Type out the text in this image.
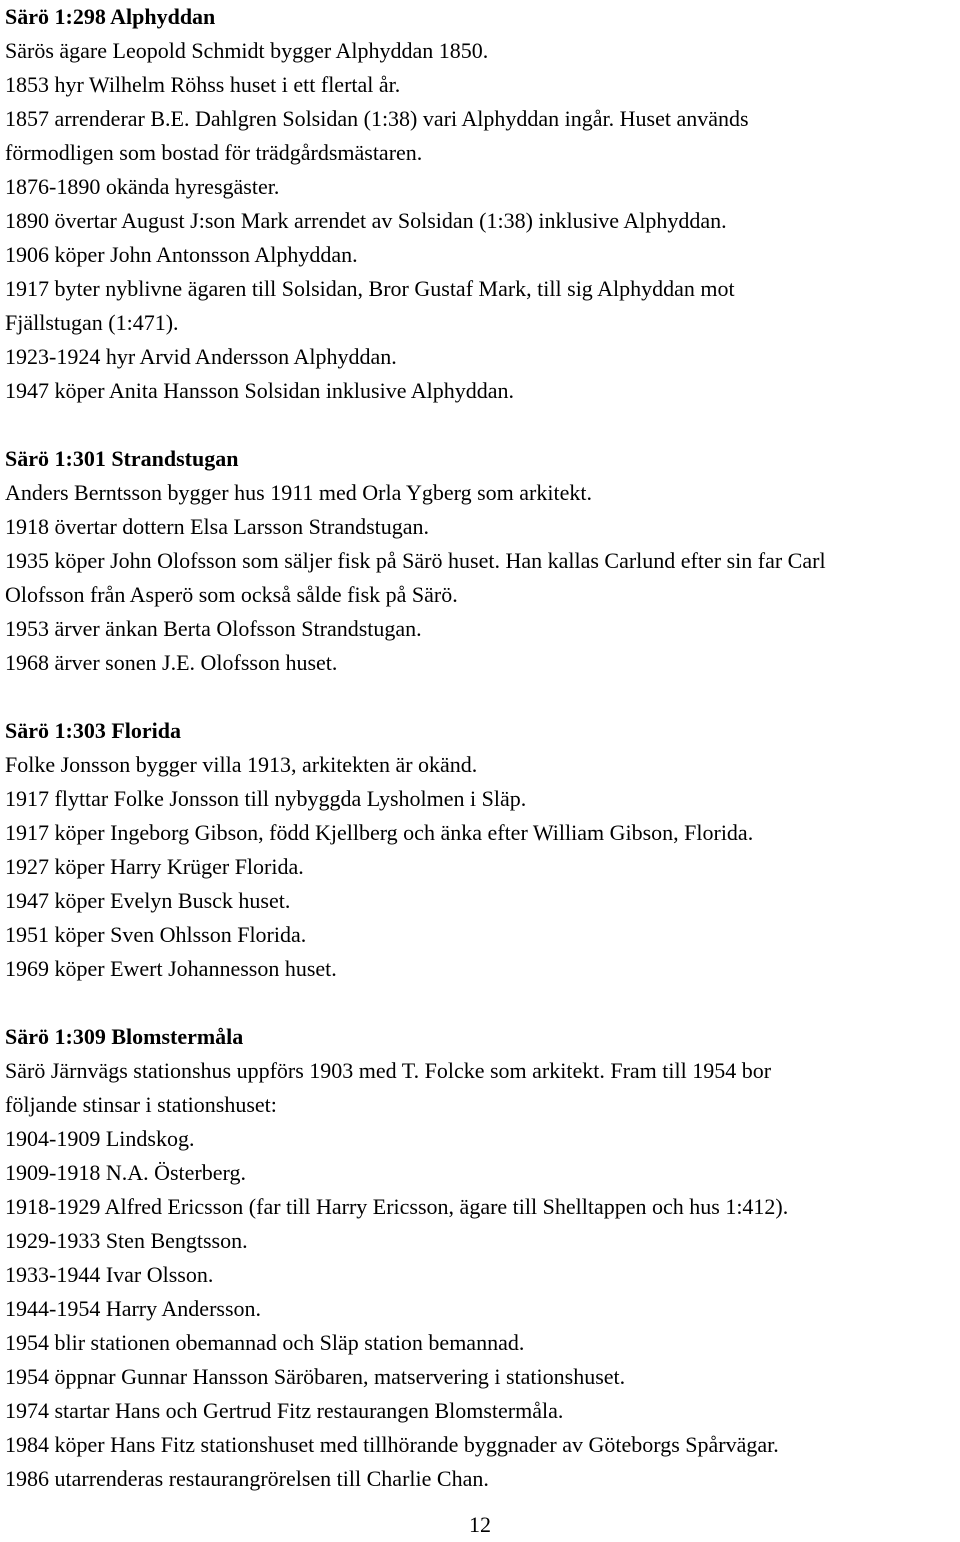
Särö 1:298 Alphyddan
Särös ägare Leopold Schmidt bygger Alphyddan 1850.
1853 hyr Wilhelm Röhss huset i ett flertal år.
1857 arrenderar B.E. Dahlgren Solsidan (1:38) vari Alphyddan ingår. Huset används
förmodligen som bostad för trädgårdsmästaren.
1876-1890 okända hyresgäster.
1890 övertar August J:son Mark arrendet av Solsidan (1:38) inklusive Alphyddan.
1906 köper John Antonsson Alphyddan.
1917 byter nyblivne ägaren till Solsidan, Bror Gustaf Mark, till sig Alphyddan mot
Fjällstugan (1:471).
1923-1924 hyr Arvid Andersson Alphyddan.
1947 köper Anita Hansson Solsidan inklusive Alphyddan.
Särö 1:301 Strandstugan
Anders Berntsson bygger hus 1911 med Orla Ygberg som arkitekt.
1918 övertar dottern Elsa Larsson Strandstugan.
1935 köper John Olofsson som säljer fisk på Särö huset. Han kallas Carlund efter sin far Carl
Olofsson från Asperö som också sålde fisk på Särö.
1953 ärver änkan Berta Olofsson Strandstugan.
1968 ärver sonen J.E. Olofsson huset.
Särö 1:303 Florida
Folke Jonsson bygger villa 1913, arkitekten är okänd.
1917 flyttar Folke Jonsson till nybyggda Lysholmen i Släp.
1917 köper Ingeborg Gibson, född Kjellberg och änka efter William Gibson, Florida.
1927 köper Harry Krüger Florida.
1947 köper Evelyn Busck huset.
1951 köper Sven Ohlsson Florida.
1969 köper Ewert Johannesson huset.
Särö 1:309 Blomstermåla
Särö Järnvägs stationshus uppförs 1903 med T. Folcke som arkitekt. Fram till 1954 bor
följande stinsar i stationshuset:
1904-1909 Lindskog.
1909-1918 N.A. Österberg.
1918-1929 Alfred Ericsson (far till Harry Ericsson, ägare till Shelltappen och hus 1:412).
1929-1933 Sten Bengtsson.
1933-1944 Ivar Olsson.
1944-1954 Harry Andersson.
1954 blir stationen obemannad och Släp station bemannad.
1954 öppnar Gunnar Hansson Säröbaren, matservering i stationshuset.
1974 startar Hans och Gertrud Fitz restaurangen Blomstermåla.
1984 köper Hans Fitz stationshuset med tillhörande byggnader av Göteborgs Spårvägar.
1986 utarrenderas restaurangrörelsen till Charlie Chan.
12
